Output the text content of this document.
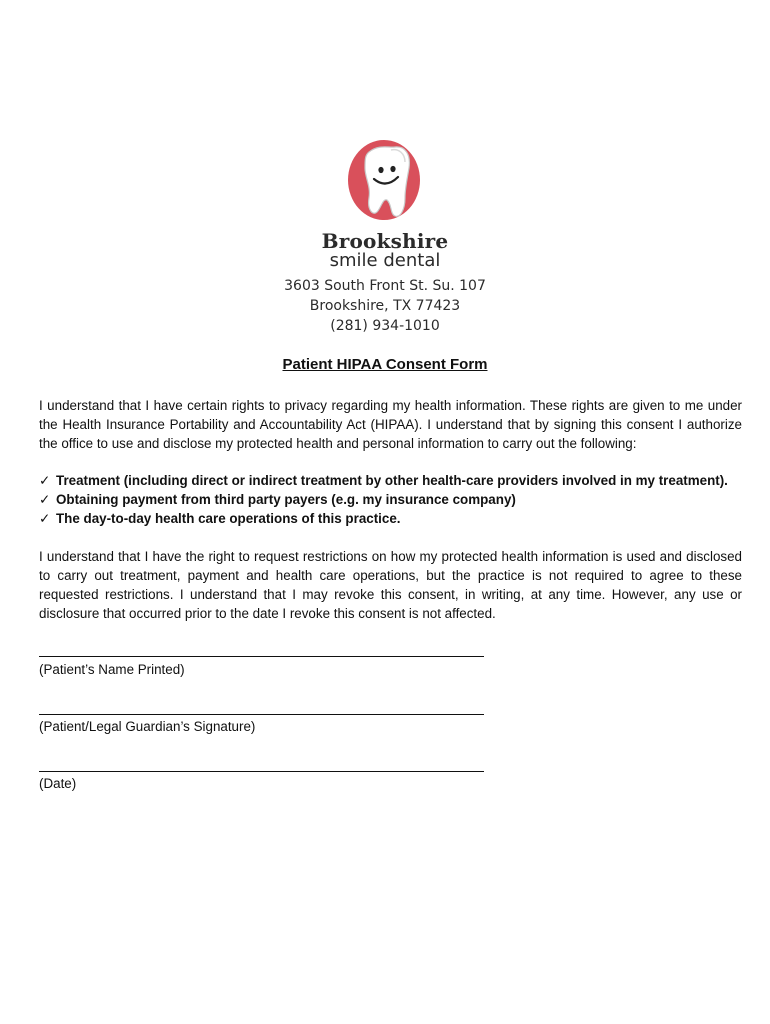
Brookshire
smile dental
3603 South Front St. Su. 107
Brookshire, TX 77423
(281) 934-1010
Patient HIPAA Consent Form
I understand that I have certain rights to privacy regarding my health information. These rights are given to me under the Health Insurance Portability and Accountability Act (HIPAA). I understand that by signing this consent I authorize the office to use and disclose my protected health and personal information to carry out the following:
✓ Treatment (including direct or indirect treatment by other health-care providers involved in my treatment).
✓ Obtaining payment from third party payers (e.g. my insurance company)
✓ The day-to-day health care operations of this practice.
I understand that I have the right to request restrictions on how my protected health information is used and disclosed to carry out treatment, payment and health care operations, but the practice is not required to agree to these requested restrictions. I understand that I may revoke this consent, in writing, at any time. However, any use or disclosure that occurred prior to the date I revoke this consent is not affected.
(Patient’s Name Printed)
(Patient/Legal Guardian’s Signature)
(Date)
